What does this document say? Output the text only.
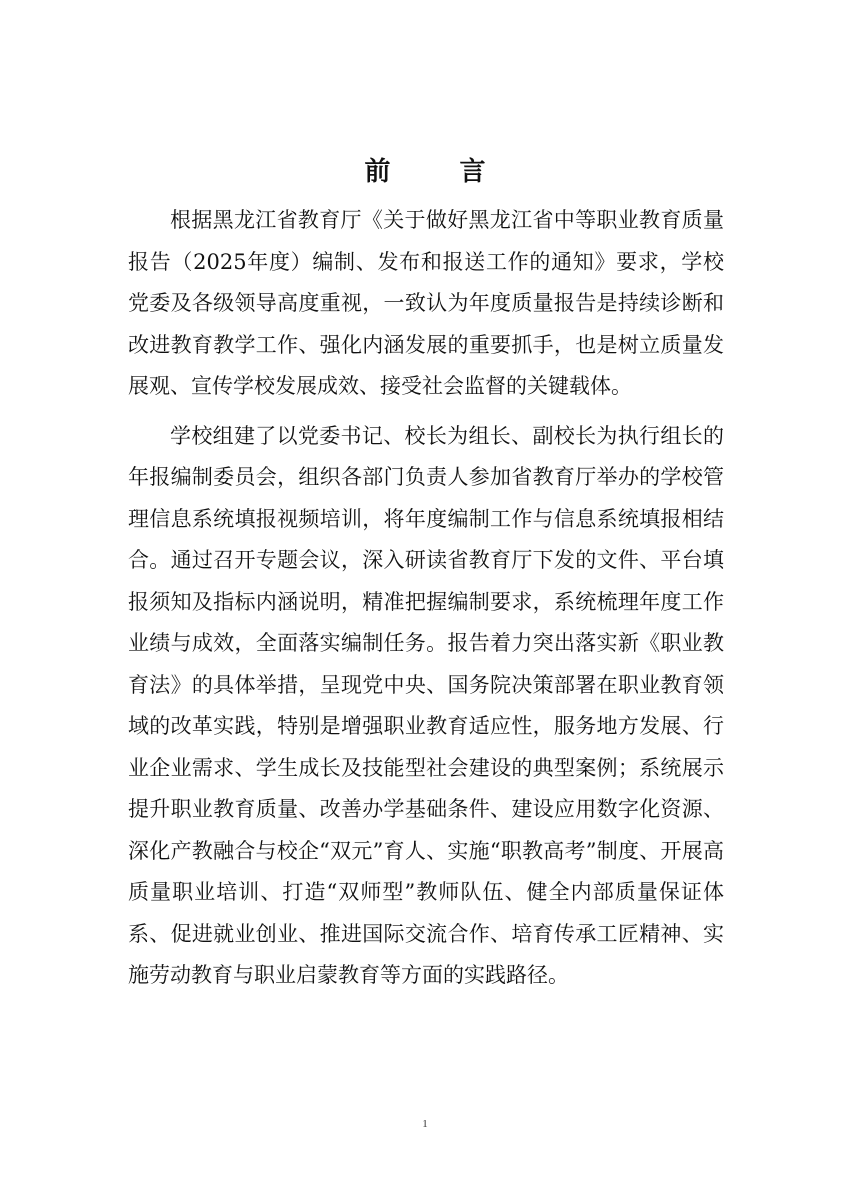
前 言

根据黑龙江省教育厅《关于做好黑龙江省中等职业教育质量报告（2025年度）编制、发布和报送工作的通知》要求，学校党委及各级领导高度重视，一致认为年度质量报告是持续诊断和改进教育教学工作、强化内涵发展的重要抓手，也是树立质量发展观、宣传学校发展成效、接受社会监督的关键载体。

学校组建了以党委书记、校长为组长、副校长为执行组长的年报编制委员会，组织各部门负责人参加省教育厅举办的学校管理信息系统填报视频培训，将年度编制工作与信息系统填报相结合。通过召开专题会议，深入研读省教育厅下发的文件、平台填报须知及指标内涵说明，精准把握编制要求，系统梳理年度工作业绩与成效，全面落实编制任务。报告着力突出落实新《职业教育法》的具体举措，呈现党中央、国务院决策部署在职业教育领域的改革实践，特别是增强职业教育适应性，服务地方发展、行业企业需求、学生成长及技能型社会建设的典型案例；系统展示提升职业教育质量、改善办学基础条件、建设应用数字化资源、深化产教融合与校企“双元”育人、实施“职教高考”制度、开展高质量职业培训、打造“双师型”教师队伍、健全内部质量保证体系、促进就业创业、推进国际交流合作、培育传承工匠精神、实施劳动教育与职业启蒙教育等方面的实践路径。

1
